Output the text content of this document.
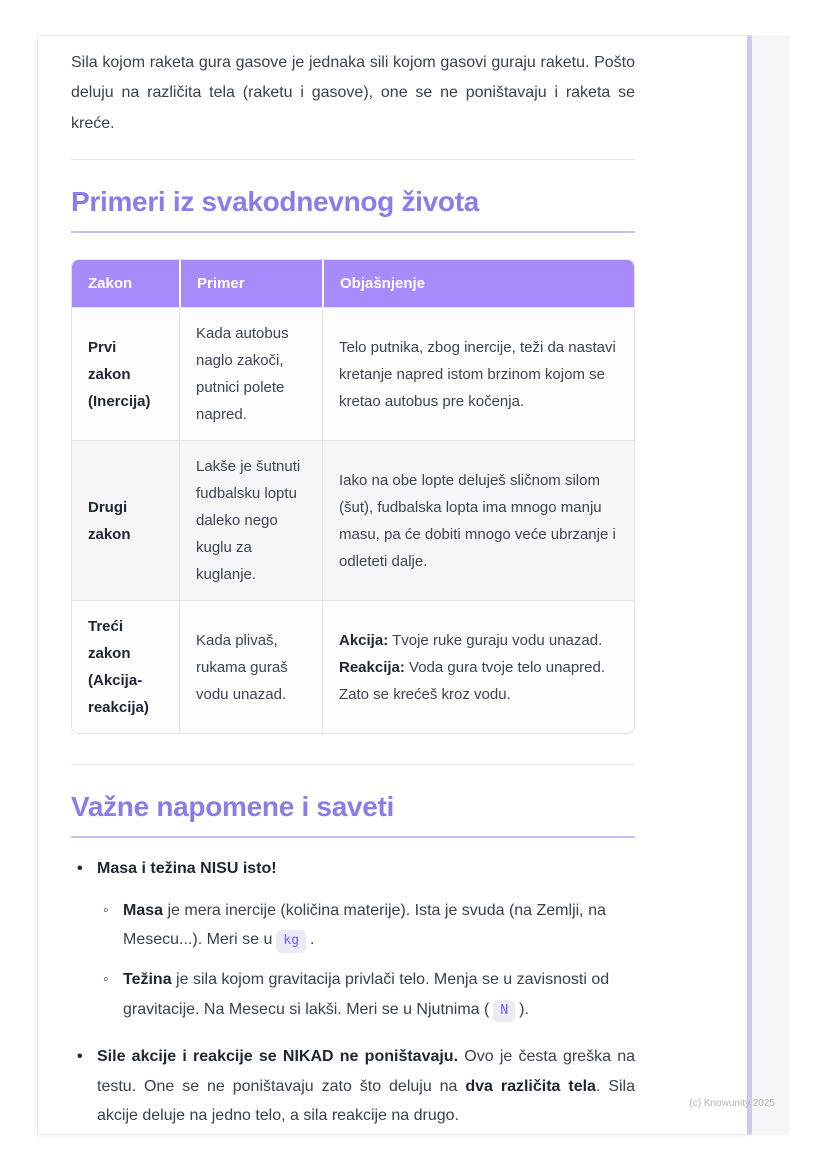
Sila kojom raketa gura gasove je jednaka sili kojom gasovi guraju raketu. Pošto deluju na različita tela (raketu i gasove), one se ne poništavaju i raketa se kreće.

Primeri iz svakodnevnog života
Zakon	Primer	Objašnjenje
Prvi zakon (Inercija)	Kada autobus naglo zakoči, putnici polete napred.	Telo putnika, zbog inercije, teži da nastavi kretanje napred istom brzinom kojom se kretao autobus pre kočenja.
Drugi zakon	Lakše je šutnuti fudbalsku loptu daleko nego kuglu za kuglanje.	Iako na obe lopte deluješ sličnom silom (šut), fudbalska lopta ima mnogo manju masu, pa će dobiti mnogo veće ubrzanje i odleteti dalje.
Treći zakon (Akcija-reakcija)	Kada plivaš, rukama guraš vodu unazad.	Akcija: Tvoje ruke guraju vodu unazad. Reakcija: Voda gura tvoje telo unapred. Zato se krećeš kroz vodu.
Važne napomene i saveti
• Masa i težina NISU isto!
◦ Masa je mera inercije (količina materije). Ista je svuda (na Zemlji, na Mesecu...). Meri se u kg .
◦ Težina je sila kojom gravitacija privlači telo. Menja se u zavisnosti od gravitacije. Na Mesecu si lakši. Meri se u Njutnima ( N ).
• Sile akcije i reakcije se NIKAD ne poništavaju. Ovo je česta greška na testu. One se ne poništavaju zato što deluju na dva različita tela. Sila akcije deluje na jedno telo, a sila reakcije na drugo.
(c) Knowunity 2025
